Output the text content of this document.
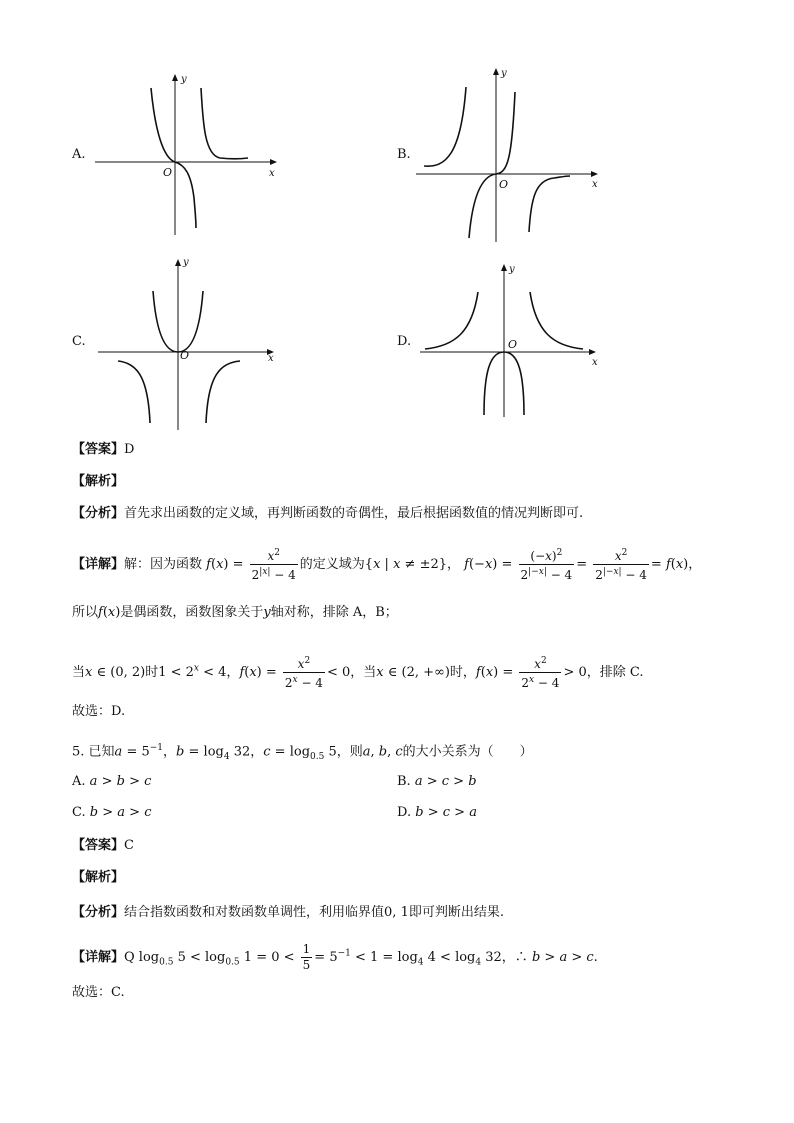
A.
y
x
O
B.
y
x
O
C.
y
x
O
D.
y
x
O
【答案】D
【解析】
【分析】首先求出函数的定义域，再判断函数的奇偶性，最后根据函数值的情况判断即可.
【详解】解：因为函数 $f(x) = \frac{x^2}{2^{|x|} - 4}$ 的定义域为{x | x ≠ ±2}， $f(-x) = \frac{(-x)^2}{2^{|-x|} - 4} = \frac{x^2}{2^{|-x|} - 4} = f(x)$，
所以f(x)是偶函数，函数图象关于y轴对称，排除 A，B；
当x ∈ (0, 2)时$1 < 2^x < 4$，$f(x) = \frac{x^2}{2^x - 4} < 0$，当x ∈ (2, +∞)时，$f(x) = \frac{x^2}{2^x - 4} > 0$，排除 C.
故选：D.
5. 已知$a = 5^{-1}$，$b = \log_4 32$，$c = \log_{0.5} 5$，则a, b, c的大小关系为（　　）
A. a > b > c	B. a > c > b
C. b > a > c	D. b > c > a
【答案】C
【解析】
【分析】结合指数函数和对数函数单调性，利用临界值0, 1即可判断出结果.
【详解】Q $\log_{0.5} 5 < \log_{0.5} 1 = 0 < \frac{1}{5} = 5^{-1} < 1 = \log_4 4 < \log_4 32$，∴ b > a > c.
故选：C.
